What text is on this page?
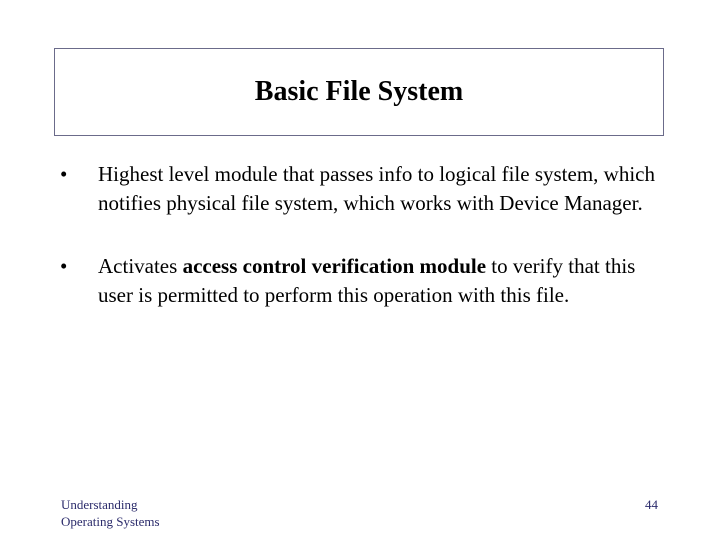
Basic File System
• Highest level module that passes info to logical file system, which notifies physical file system, which works with Device Manager.
• Activates access control verification module to verify that this user is permitted to perform this operation with this file.
Understanding
Operating Systems
44
